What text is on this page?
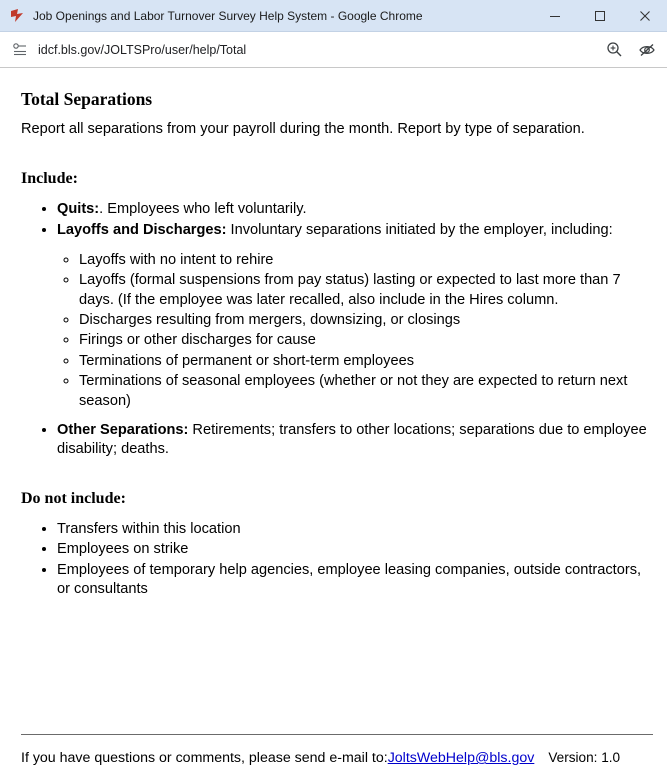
Job Openings and Labor Turnover Survey Help System - Google Chrome
idcf.bls.gov/JOLTSPro/user/help/Total
Total Separations

Report all separations from your payroll during the month. Report by type of separation.

Include:
• Quits:. Employees who left voluntarily.
• Layoffs and Discharges: Involuntary separations initiated by the employer, including:
◦ Layoffs with no intent to rehire
◦ Layoffs (formal suspensions from pay status) lasting or expected to last more than 7 days. (If the employee was later recalled, also include in the Hires column.
◦ Discharges resulting from mergers, downsizing, or closings
◦ Firings or other discharges for cause
◦ Terminations of permanent or short-term employees
◦ Terminations of seasonal employees (whether or not they are expected to return next season)
• Other Separations: Retirements; transfers to other locations; separations due to employee disability; deaths.
Do not include:
• Transfers within this location
• Employees on strike
• Employees of temporary help agencies, employee leasing companies, outside contractors, or consultants
If you have questions or comments, please send e-mail to: JoltsWebHelp@bls.gov Version: 1.0
